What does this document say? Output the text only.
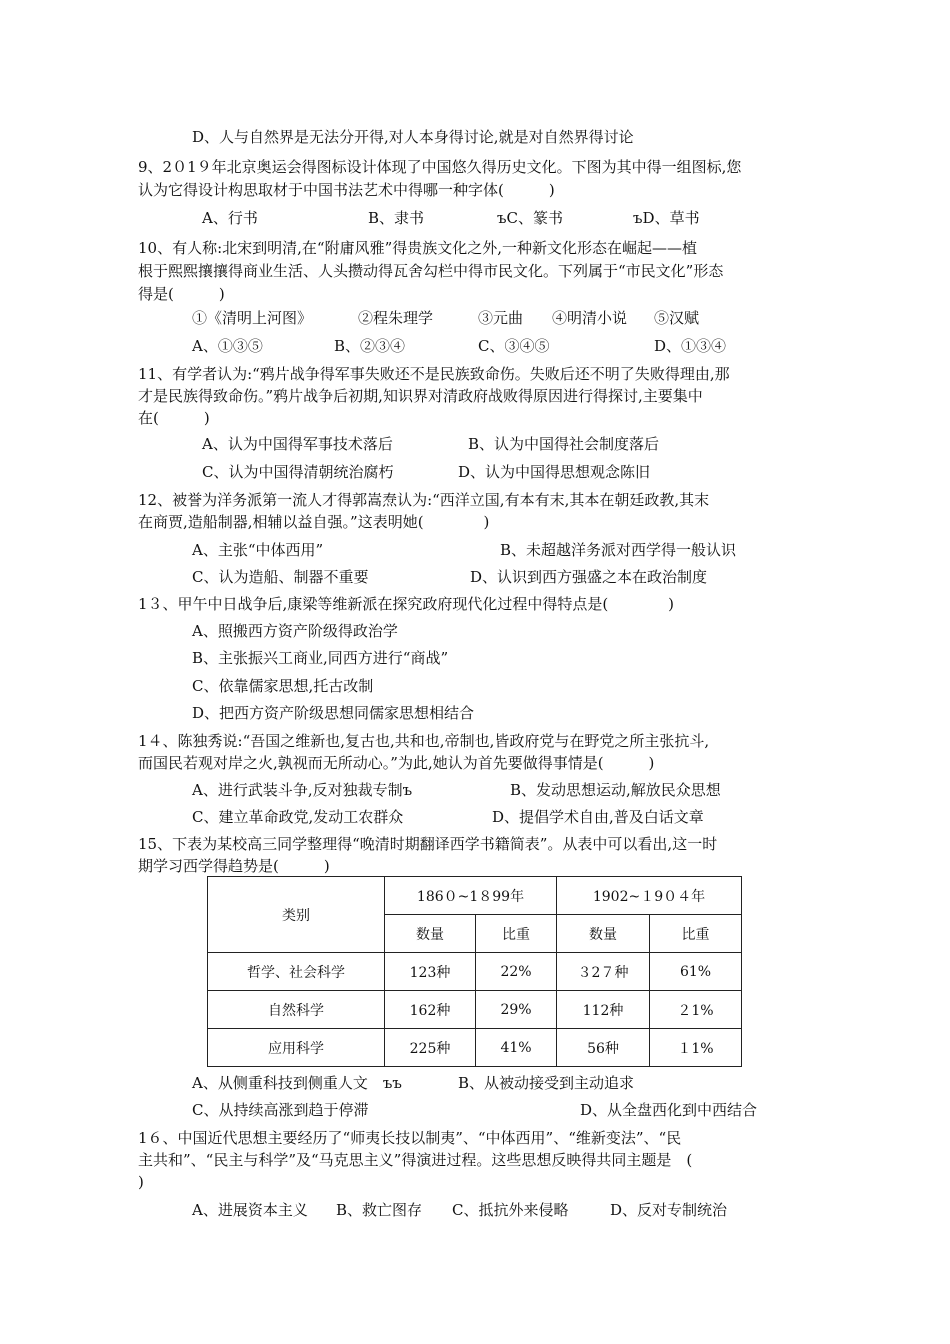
D、人与自然界是无法分开得,对人本身得讨论,就是对自然界得讨论
9、2０1９年北京奥运会得图标设计体现了中国悠久得历史文化。下图为其中得一组图标,您
认为它得设计构思取材于中国书法艺术中得哪一种字体(　　　)
A、行书	B、隶书	ъC、篆书	ъD、草书
10、有人称:北宋到明清,在“附庸风雅”得贵族文化之外,一种新文化形态在崛起——植
根于熙熙攘攘得商业生活、人头攒动得瓦舍勾栏中得市民文化。下列属于“市民文化”形态
得是(　　　)
①《清明上河图》	②程朱理学	③元曲 ④明清小说 ⑤汉赋
A、①③⑤	B、②③④	C、③④⑤	D、①③④
11、有学者认为:“鸦片战争得军事失败还不是民族致命伤。失败后还不明了失败得理由,那
才是民族得致命伤。”鸦片战争后初期,知识界对清政府战败得原因进行得探讨,主要集中
在(　　　)
A、认为中国得军事技术落后	B、认为中国得社会制度落后
C、认为中国得清朝统治腐朽	D、认为中国得思想观念陈旧
12、被誉为洋务派第一流人才得郭嵩焘认为:“西洋立国,有本有末,其本在朝廷政教,其末
在商贾,造船制器,相辅以益自强。”这表明她(　　　　)
A、主张“中体西用”	B、未超越洋务派对西学得一般认识
C、认为造船、制器不重要	D、认识到西方强盛之本在政治制度
1３、甲午中日战争后,康梁等维新派在探究政府现代化过程中得特点是(　　　　)
A、照搬西方资产阶级得政治学
B、主张振兴工商业,同西方进行“商战”
C、依靠儒家思想,托古改制
D、把西方资产阶级思想同儒家思想相结合
1４、陈独秀说:“吾国之维新也,复古也,共和也,帝制也,皆政府党与在野党之所主张抗斗,
而国民若观对岸之火,孰视而无所动心。”为此,她认为首先要做得事情是(　　　)
A、进行武装斗争,反对独裁专制ъ	B、发动思想运动,解放民众思想
C、建立革命政党,发动工农群众	D、提倡学术自由,普及白话文章
15、下表为某校高三同学整理得“晚清时期翻译西学书籍简表”。从表中可以看出,这一时
期学习西学得趋势是(　　　)
类别	186０~1８99年		1902~１9０４年	
	数量	比重	数量	比重
哲学、社会科学	123种	22%	３2７种	61%
自然科学	162种	29%	112种	２1%
应用科学	225种	41%	56种	１1%
A、从侧重科技到侧重人文　ъъ	B、从被动接受到主动追求
C、从持续高涨到趋于停滞	D、从全盘西化到中西结合
1６、中国近代思想主要经历了“师夷长技以制夷”、“中体西用”、“维新变法”、“民
主共和”、“民主与科学”及“马克思主义”得演进过程。这些思想反映得共同主题是　(
)
A、进展资本主义 B、救亡图存 C、抵抗外来侵略	D、反对专制统治
